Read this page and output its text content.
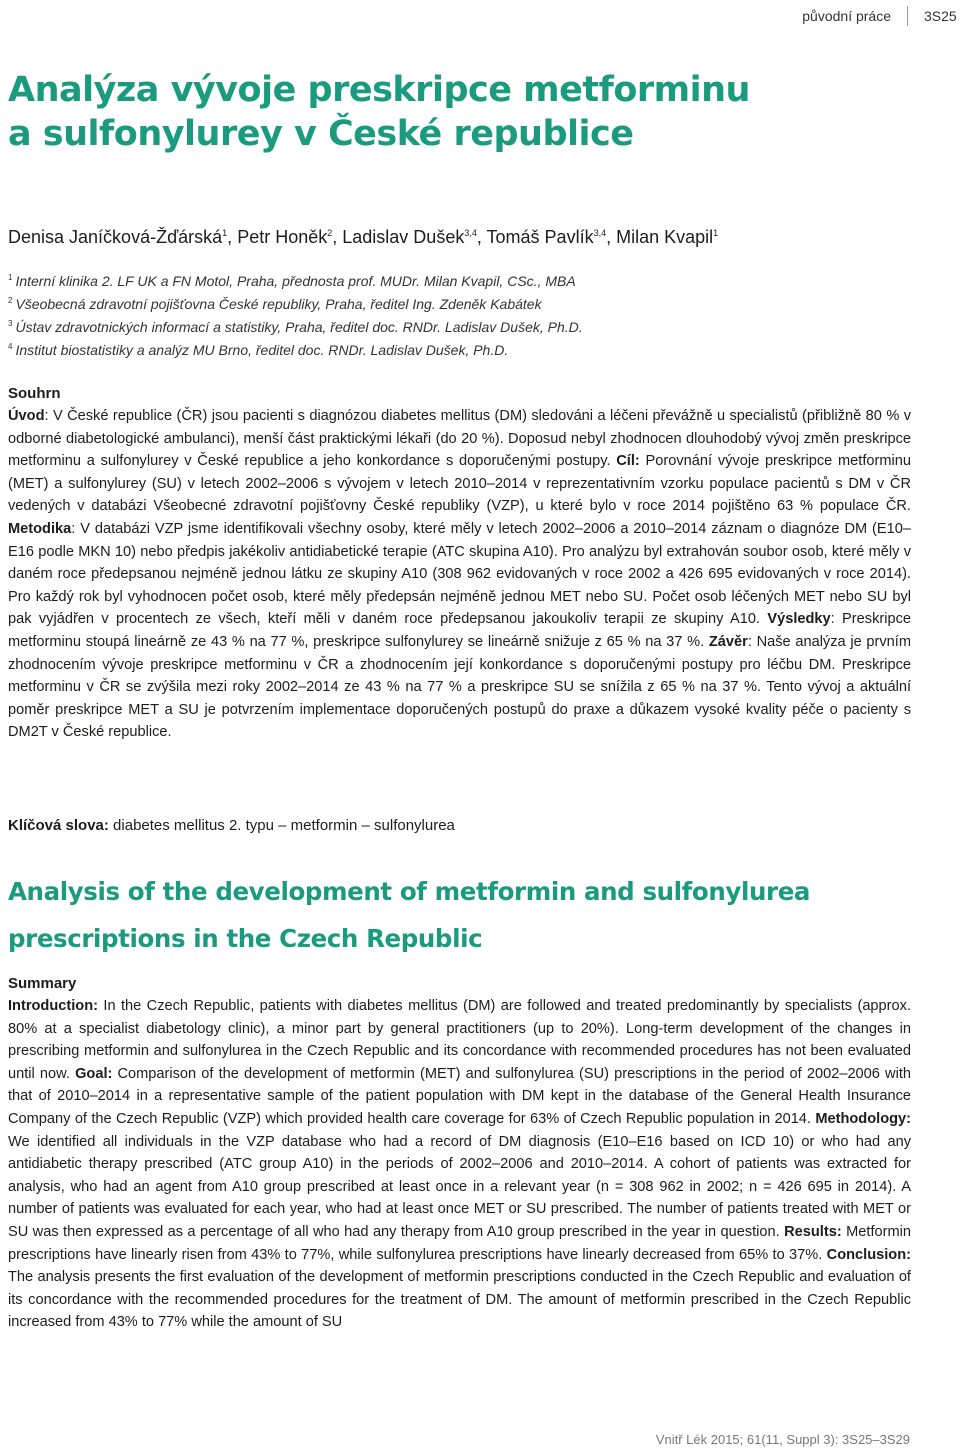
původní práce	3S25
Analýza vývoje preskripce metforminu
a sulfonylurey v České republice
Denisa Janíčková-Žďárská$^1$, Petr Honěk$^2$, Ladislav Dušek$^{3,4}$, Tomáš Pavlík$^{3,4}$, Milan Kvapil$^1$
$^1$ Interní klinika 2. LF UK a FN Motol, Praha, přednosta prof. MUDr. Milan Kvapil, CSc., MBA
$^2$ Všeobecná zdravotní pojišťovna České republiky, Praha, ředitel Ing. Zdeněk Kabátek
$^3$ Ústav zdravotnických informací a statistiky, Praha, ředitel doc. RNDr. Ladislav Dušek, Ph.D.
$^4$ Institut biostatistiky a analýz MU Brno, ředitel doc. RNDr. Ladislav Dušek, Ph.D.
Souhrn

Úvod: V České republice (ČR) jsou pacienti s diagnózou diabetes mellitus (DM) sledováni a léčeni převážně u specialistů (přibližně 80 % v odborné diabetologické ambulanci), menší část praktickými lékaři (do 20 %). Doposud nebyl zhodnocen dlouhodobý vývoj změn preskripce metforminu a sulfonylurey v České republice a jeho konkordance s doporučenými postupy. Cíl: Porovnání vývoje preskripce metforminu (MET) a sulfonylurey (SU) v letech 2002–2006 s vývojem v letech 2010–2014 v reprezentativním vzorku populace pacientů s DM v ČR vedených v databázi Všeobecné zdravotní pojišťovny České republiky (VZP), u které bylo v roce 2014 pojištěno 63 % populace ČR. Metodika: V databázi VZP jsme identifikovali všechny osoby, které měly v letech 2002–2006 a 2010–2014 záznam o diagnóze DM (E10–E16 podle MKN 10) nebo předpis jakékoliv antidiabetické terapie (ATC skupina A10). Pro analýzu byl extrahován soubor osob, které měly v daném roce předepsanou nejméně jednou látku ze skupiny A10 (308 962 evidovaných v roce 2002 a 426 695 evidovaných v roce 2014). Pro každý rok byl vyhodnocen počet osob, které měly předepsán nejméně jednou MET nebo SU. Počet osob léčených MET nebo SU byl pak vyjádřen v procentech ze všech, kteří měli v daném roce předepsanou jakoukoliv terapii ze skupiny A10. Výsledky: Preskripce metforminu stoupá lineárně ze 43 % na 77 %, preskripce sulfonylurey se lineárně snižuje z 65 % na 37 %. Závěr: Naše analýza je prvním zhodnocením vývoje preskripce metforminu v ČR a zhodnocením její konkordance s doporučenými postupy pro léčbu DM. Preskripce metforminu v ČR se zvýšila mezi roky 2002–2014 ze 43 % na 77 % a preskripce SU se snížila z 65 % na 37 %. Tento vývoj a aktuální poměr preskripce MET a SU je potvrzením implementace doporučených postupů do praxe a důkazem vysoké kvality péče o pacienty s DM2T v České republice.

Klíčová slova: diabetes mellitus 2. typu – metformin – sulfonylurea
Analysis of the development of metformin and sulfonylurea
prescriptions in the Czech Republic
Summary

Introduction: In the Czech Republic, patients with diabetes mellitus (DM) are followed and treated predominantly by specialists (approx. 80% at a specialist diabetology clinic), a minor part by general practitioners (up to 20%). Long-term development of the changes in prescribing metformin and sulfonylurea in the Czech Republic and its concordance with recommended procedures has not been evaluated until now. Goal: Comparison of the development of metformin (MET) and sulfonylurea (SU) prescriptions in the period of 2002–2006 with that of 2010–2014 in a representative sample of the patient population with DM kept in the database of the General Health Insurance Company of the Czech Republic (VZP) which provided health care coverage for 63% of Czech Republic population in 2014. Methodology: We identified all individuals in the VZP database who had a record of DM diagnosis (E10–E16 based on ICD 10) or who had any antidiabetic therapy prescribed (ATC group A10) in the periods of 2002–2006 and 2010–2014. A cohort of patients was extracted for analysis, who had an agent from A10 group prescribed at least once in a relevant year (n = 308 962 in 2002; n = 426 695 in 2014). A number of patients was evaluated for each year, who had at least once MET or SU prescribed. The number of patients treated with MET or SU was then expressed as a percentage of all who had any therapy from A10 group prescribed in the year in question. Results: Metformin prescriptions have linearly risen from 43% to 77%, while sulfonylurea prescriptions have linearly decreased from 65% to 37%. Conclusion: The analysis presents the first evaluation of the development of metformin prescriptions conducted in the Czech Republic and evaluation of its concordance with the recommended procedures for the treatment of DM. The amount of metformin prescribed in the Czech Republic increased from 43% to 77% while the amount of SU

Vnitř Lék 2015; 61(11, Suppl 3): 3S25–3S29
